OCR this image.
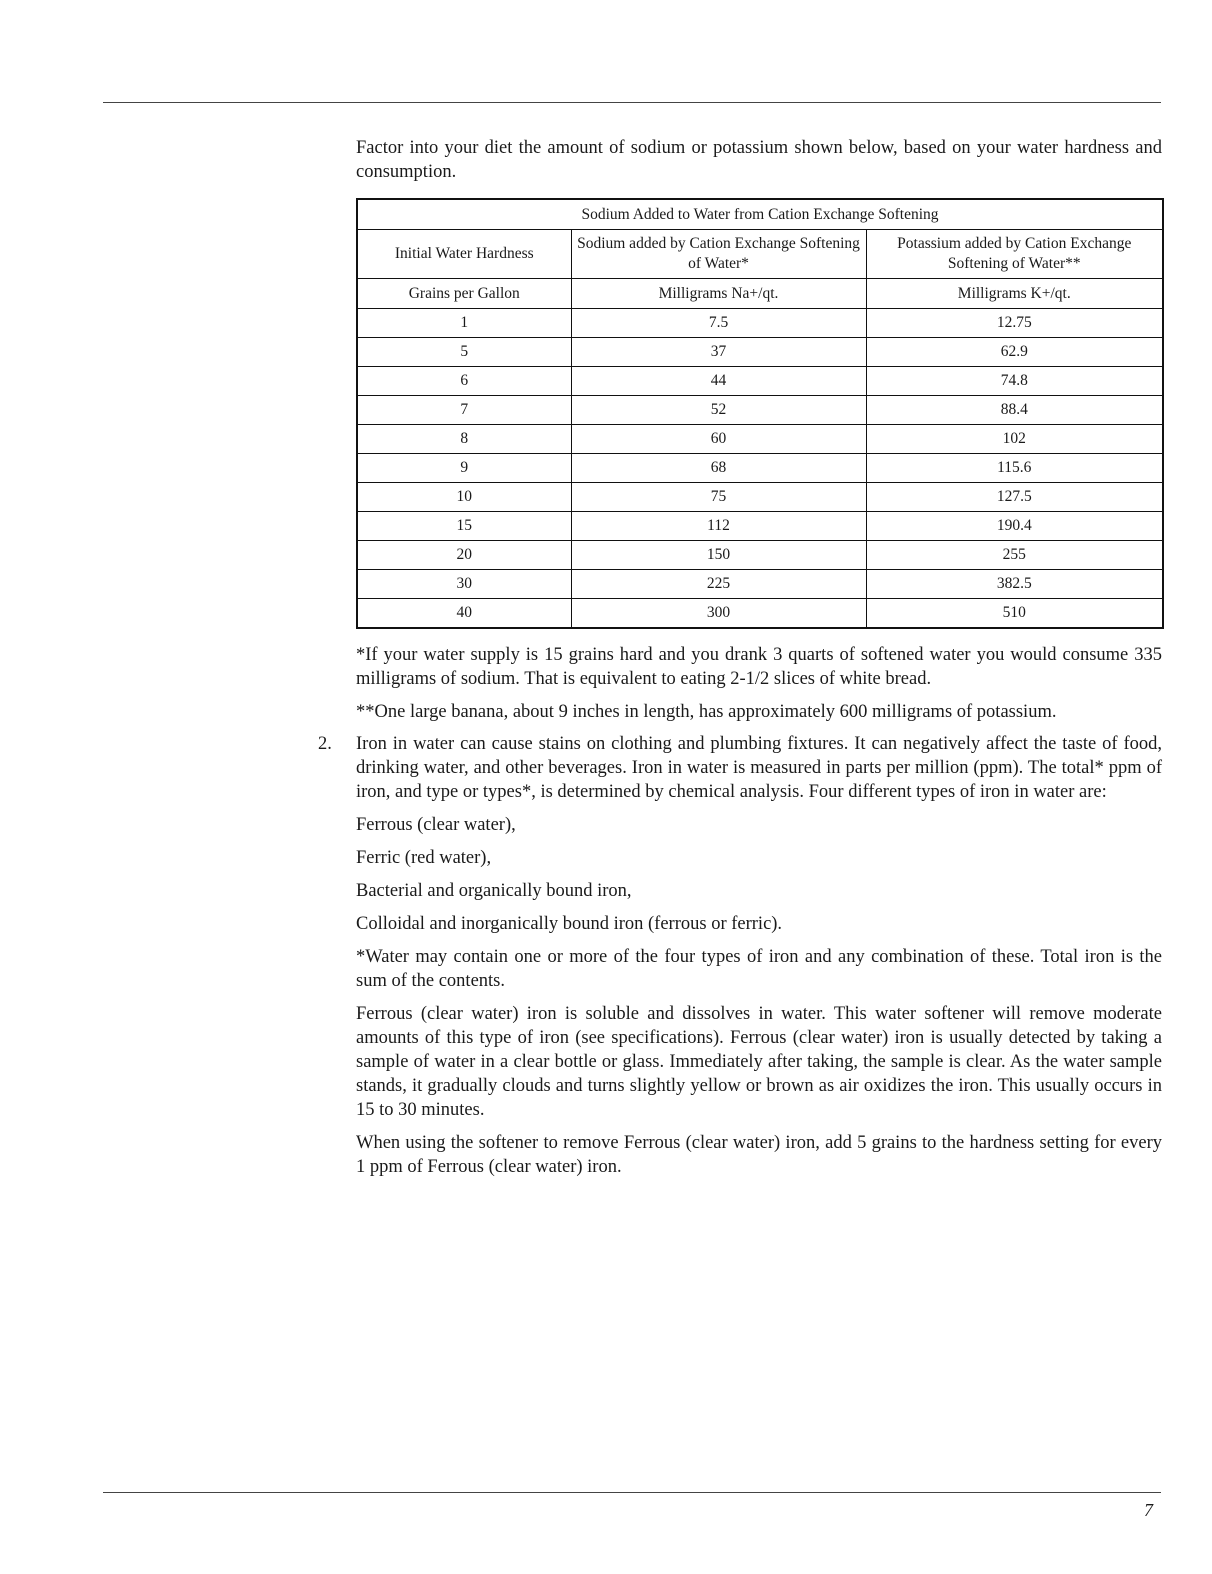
Factor into your diet the amount of sodium or potassium shown below, based on your water hardness and consumption.

Sodium Added to Water from Cation Exchange Softening		
Initial Water Hardness	Sodium added by Cation Exchange Softening of Water*	Potassium added by Cation Exchange Softening of Water**
Grains per Gallon	Milligrams Na+/qt.	Milligrams K+/qt.
1	7.5	12.75
5	37	62.9
6	44	74.8
7	52	88.4
8	60	102
9	68	115.6
10	75	127.5
15	112	190.4
20	150	255
30	225	382.5
40	300	510

*If your water supply is 15 grains hard and you drank 3 quarts of softened water you would consume 335 milligrams of sodium. That is equivalent to eating 2-1/2 slices of white bread.

**One large banana, about 9 inches in length, has approximately 600 milligrams of potassium.

2. Iron in water can cause stains on clothing and plumbing fixtures. It can negatively affect the taste of food, drinking water, and other beverages. Iron in water is measured in parts per million (ppm). The total* ppm of iron, and type or types*, is determined by chemical analysis. Four different types of iron in water are:

Ferrous (clear water),

Ferric (red water),

Bacterial and organically bound iron,

Colloidal and inorganically bound iron (ferrous or ferric).

*Water may contain one or more of the four types of iron and any combination of these. Total iron is the sum of the contents.

Ferrous (clear water) iron is soluble and dissolves in water. This water softener will remove moderate amounts of this type of iron (see specifications). Ferrous (clear water) iron is usually detected by taking a sample of water in a clear bottle or glass. Immediately after taking, the sample is clear. As the water sample stands, it gradually clouds and turns slightly yellow or brown as air oxidizes the iron. This usually occurs in 15 to 30 minutes.

When using the softener to remove Ferrous (clear water) iron, add 5 grains to the hardness setting for every 1 ppm of Ferrous (clear water) iron.

7
